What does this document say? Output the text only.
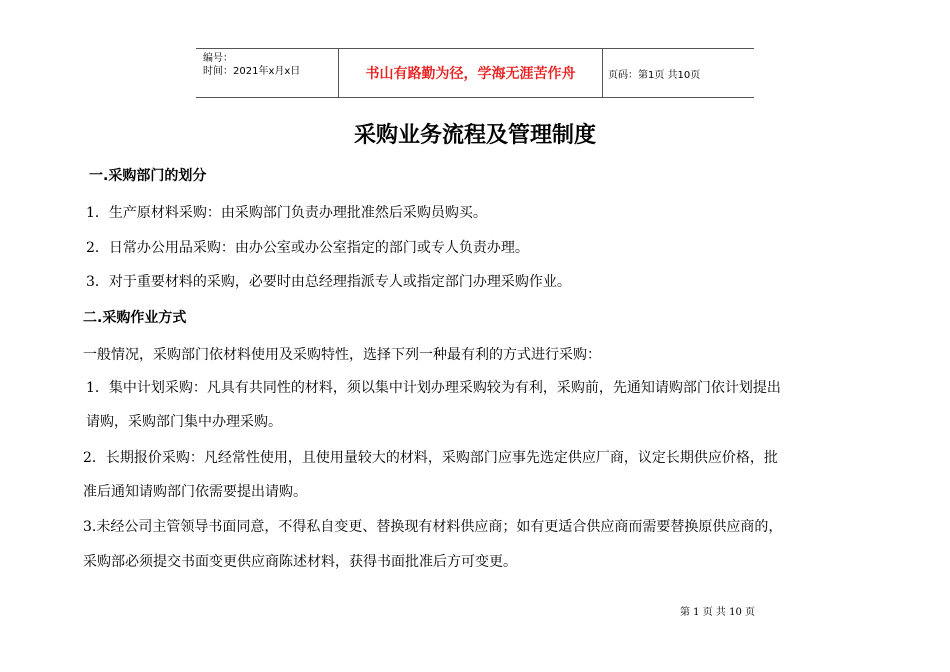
编号：
时间：2021年x月x日	书山有路勤为径，学海无涯苦作舟	页码：第1页 共10页
采购业务流程及管理制度
一.采购部门的划分
1．生产原材料采购：由采购部门负责办理批准然后采购员购买。
2．日常办公用品采购：由办公室或办公室指定的部门或专人负责办理。
3．对于重要材料的采购，必要时由总经理指派专人或指定部门办理采购作业。
二.采购作业方式
一般情况，采购部门依材料使用及采购特性，选择下列一种最有利的方式进行采购：
1．集中计划采购：凡具有共同性的材料，须以集中计划办理采购较为有利，采购前，先通知请购部门依计划提出
请购，采购部门集中办理采购。
2．长期报价采购：凡经常性使用，且使用量较大的材料，采购部门应事先选定供应厂商，议定长期供应价格，批
准后通知请购部门依需要提出请购。
3.未经公司主管领导书面同意，不得私自变更、替换现有材料供应商；如有更适合供应商而需要替换原供应商的，
采购部必须提交书面变更供应商陈述材料，获得书面批准后方可变更。
第 1 页 共 10 页
